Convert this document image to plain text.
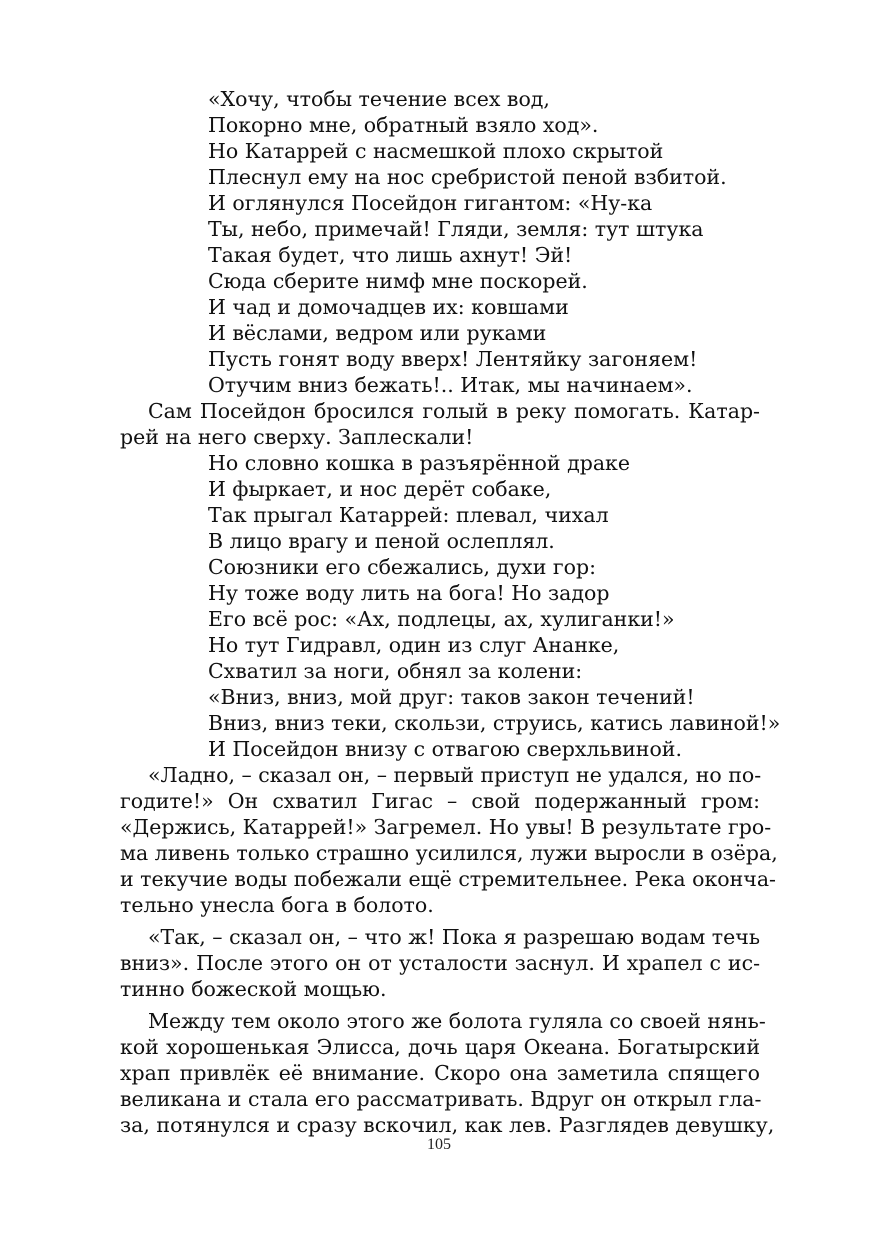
«Хочу, чтобы течение всех вод,
Покорно мне, обратный взяло ход».
Но Катаррей с насмешкой плохо скрытой
Плеснул ему на нос сребристой пеной взбитой.
И оглянулся Посейдон гигантом: «Ну-ка
Ты, небо, примечай! Гляди, земля: тут штука
Такая будет, что лишь ахнут! Эй!
Сюда сберите нимф мне поскорей.
И чад и домочадцев их: ковшами
И вёслами, ведром или руками
Пусть гонят воду вверх! Лентяйку загоняем!
Отучим вниз бежать!.. Итак, мы начинаем».
Сам Посейдон бросился голый в реку помогать. Катар-
рей на него сверху. Заплескали!
Но словно кошка в разъярённой драке
И фыркает, и нос дерёт собаке,
Так прыгал Катаррей: плевал, чихал
В лицо врагу и пеной ослеплял.
Союзники его сбежались, духи гор:
Ну тоже воду лить на бога! Но задор
Его всё рос: «Ах, подлецы, ах, хулиганки!»
Но тут Гидравл, один из слуг Ананке,
Схватил за ноги, обнял за колени:
«Вниз, вниз, мой друг: таков закон течений!
Вниз, вниз теки, скользи, струись, катись лавиной!»
И Посейдон внизу с отвагою сверхльвиной.
«Ладно, – сказал он, – первый приступ не удался, но по-
годите!» Он схватил Гигас – свой подержанный гром:
«Держись, Катаррей!» Загремел. Но увы! В результате гро-
ма ливень только страшно усилился, лужи выросли в озёра,
и текучие воды побежали ещё стремительнее. Река оконча-
тельно унесла бога в болото.
«Так, – сказал он, – что ж! Пока я разрешаю водам течь
вниз». После этого он от усталости заснул. И храпел с ис-
тинно божеской мощью.
Между тем около этого же болота гуляла со своей нянь-
кой хорошенькая Элисса, дочь царя Океана. Богатырский
храп привлёк её внимание. Скоро она заметила спящего
великана и стала его рассматривать. Вдруг он открыл гла-
за, потянулся и сразу вскочил, как лев. Разглядев девушку,
105
